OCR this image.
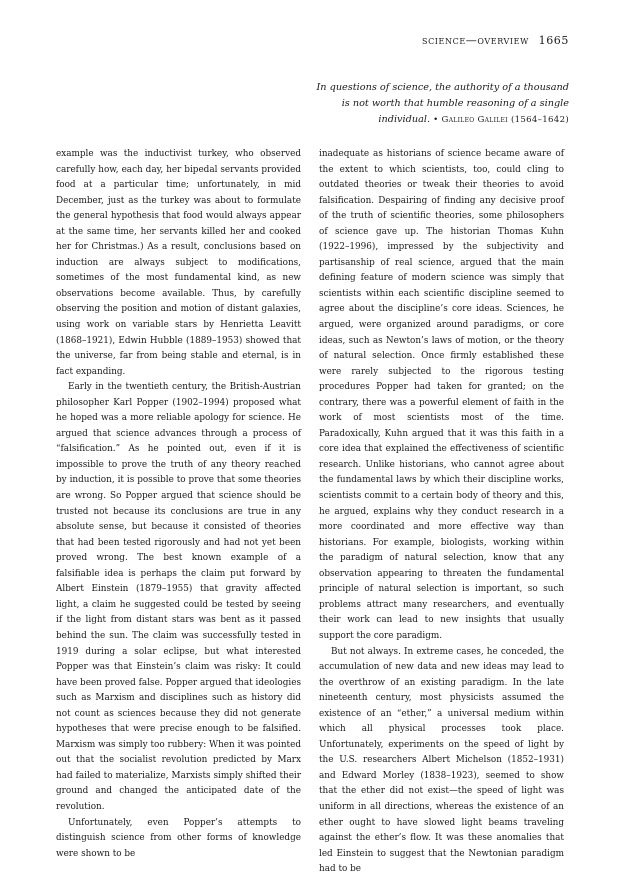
science—overview 1665
In questions of science, the authority of a thousand
is not worth that humble reasoning of a single
individual. • Galileo Galilei (1564–1642)

example was the inductivist turkey, who observed carefully how, each day, her bipedal servants provided food at a particular time; unfortunately, in mid December, just as the turkey was about to formulate the general hypothesis that food would always appear at the same time, her servants killed her and cooked her for Christmas.) As a result, conclusions based on induction are always subject to modifications, sometimes of the most fundamental kind, as new observations become available. Thus, by carefully observing the position and motion of distant galaxies, using work on variable stars by Henrietta Leavitt (1868–1921), Edwin Hubble (1889–1953) showed that the universe, far from being stable and eternal, is in fact expanding.

Early in the twentieth century, the British-Austrian philosopher Karl Popper (1902–1994) proposed what he hoped was a more reliable apology for science. He argued that science advances through a process of “falsification.” As he pointed out, even if it is impossible to prove the truth of any theory reached by induction, it is possible to prove that some theories are wrong. So Popper argued that science should be trusted not because its conclusions are true in any absolute sense, but because it consisted of theories that had been tested rigorously and had not yet been proved wrong. The best known example of a falsifiable idea is perhaps the claim put forward by Albert Einstein (1879–1955) that gravity affected light, a claim he suggested could be tested by seeing if the light from distant stars was bent as it passed behind the sun. The claim was successfully tested in 1919 during a solar eclipse, but what interested Popper was that Einstein’s claim was risky: It could have been proved false. Popper argued that ideologies such as Marxism and disciplines such as history did not count as sciences because they did not generate hypotheses that were precise enough to be falsified. Marxism was simply too rubbery: When it was pointed out that the socialist revolution predicted by Marx had failed to materialize, Marxists simply shifted their ground and changed the anticipated date of the revolution.

Unfortunately, even Popper’s attempts to distinguish science from other forms of knowledge were shown to be

inadequate as historians of science became aware of the extent to which scientists, too, could cling to outdated theories or tweak their theories to avoid falsification. Despairing of finding any decisive proof of the truth of scientific theories, some philosophers of science gave up. The historian Thomas Kuhn (1922–1996), impressed by the subjectivity and partisanship of real science, argued that the main defining feature of modern science was simply that scientists within each scientific discipline seemed to agree about the discipline’s core ideas. Sciences, he argued, were organized around paradigms, or core ideas, such as Newton’s laws of motion, or the theory of natural selection. Once firmly established these were rarely subjected to the rigorous testing procedures Popper had taken for granted; on the contrary, there was a powerful element of faith in the work of most scientists most of the time. Paradoxically, Kuhn argued that it was this faith in a core idea that explained the effectiveness of scientific research. Unlike historians, who cannot agree about the fundamental laws by which their discipline works, scientists commit to a certain body of theory and this, he argued, explains why they conduct research in a more coordinated and more effective way than historians. For example, biologists, working within the paradigm of natural selection, know that any observation appearing to threaten the fundamental principle of natural selection is important, so such problems attract many researchers, and eventually their work can lead to new insights that usually support the core paradigm.

But not always. In extreme cases, he conceded, the accumulation of new data and new ideas may lead to the overthrow of an existing paradigm. In the late nineteenth century, most physicists assumed the existence of an “ether,” a universal medium within which all physical processes took place. Unfortunately, experiments on the speed of light by the U.S. researchers Albert Michelson (1852–1931) and Edward Morley (1838–1923), seemed to show that the ether did not exist—the speed of light was uniform in all directions, whereas the existence of an ether ought to have slowed light beams traveling against the ether’s flow. It was these anomalies that led Einstein to suggest that the Newtonian paradigm had to be
